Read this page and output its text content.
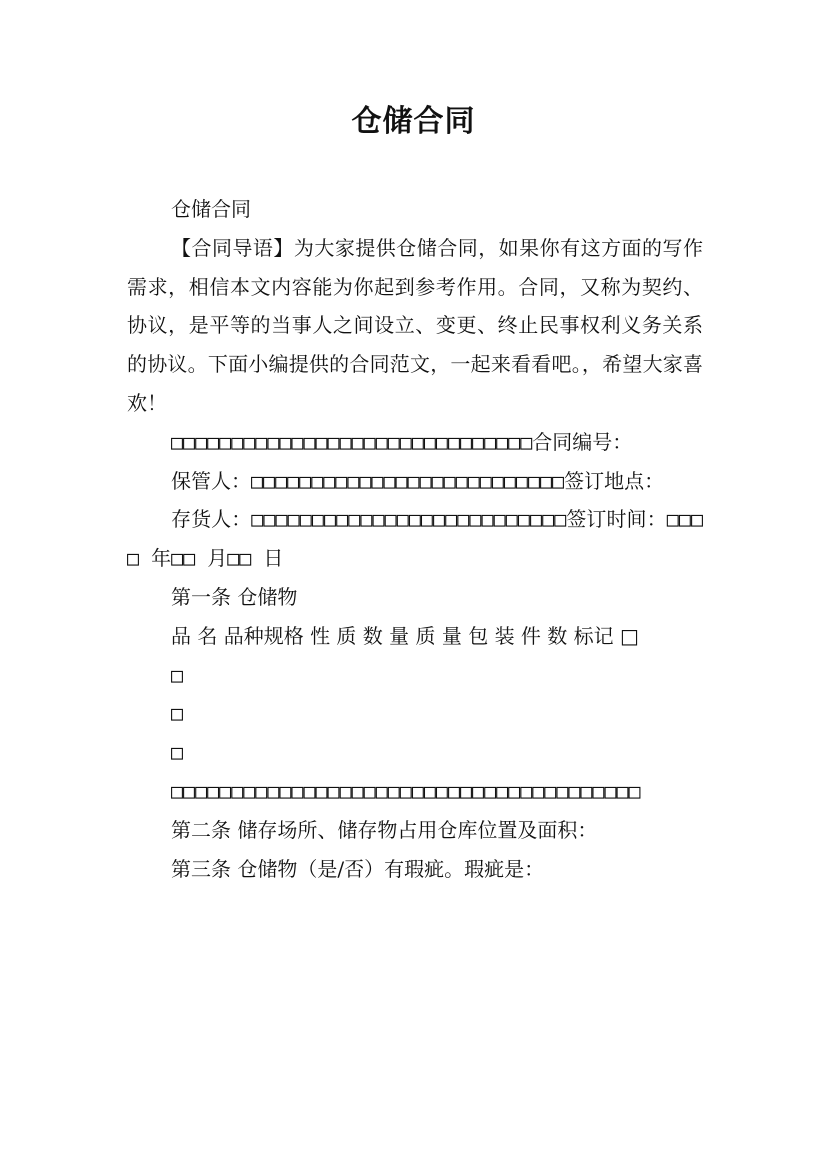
仓储合同

仓储合同

【合同导语】为大家提供仓储合同，如果你有这方面的写作需求，相信本文内容能为你起到参考作用。合同，又称为契约、协议，是平等的当事人之间设立、变更、终止民事权利义务关系的协议。下面小编提供的合同范文，一起来看看吧。，希望大家喜欢！

□□□□□□□□□□□□□□□□□□□□□□□□□□□□□□合同编号：

保管人：□□□□□□□□□□□□□□□□□□□□□□□□□□签订地点：

存货人：□□□□□□□□□□□□□□□□□□□□□□□□□□签订时间：□□□□ 年□□ 月□□ 日

第一条 仓储物

品 名 品种规格 性 质 数 量 质 量 包 装 件 数 标记 □

□

□

□

□□□□□□□□□□□□□□□□□□□□□□□□□□□□□□□□□□□□□□□

第二条 储存场所、储存物占用仓库位置及面积：

第三条 仓储物（是/否）有瑕疵。瑕疵是：
